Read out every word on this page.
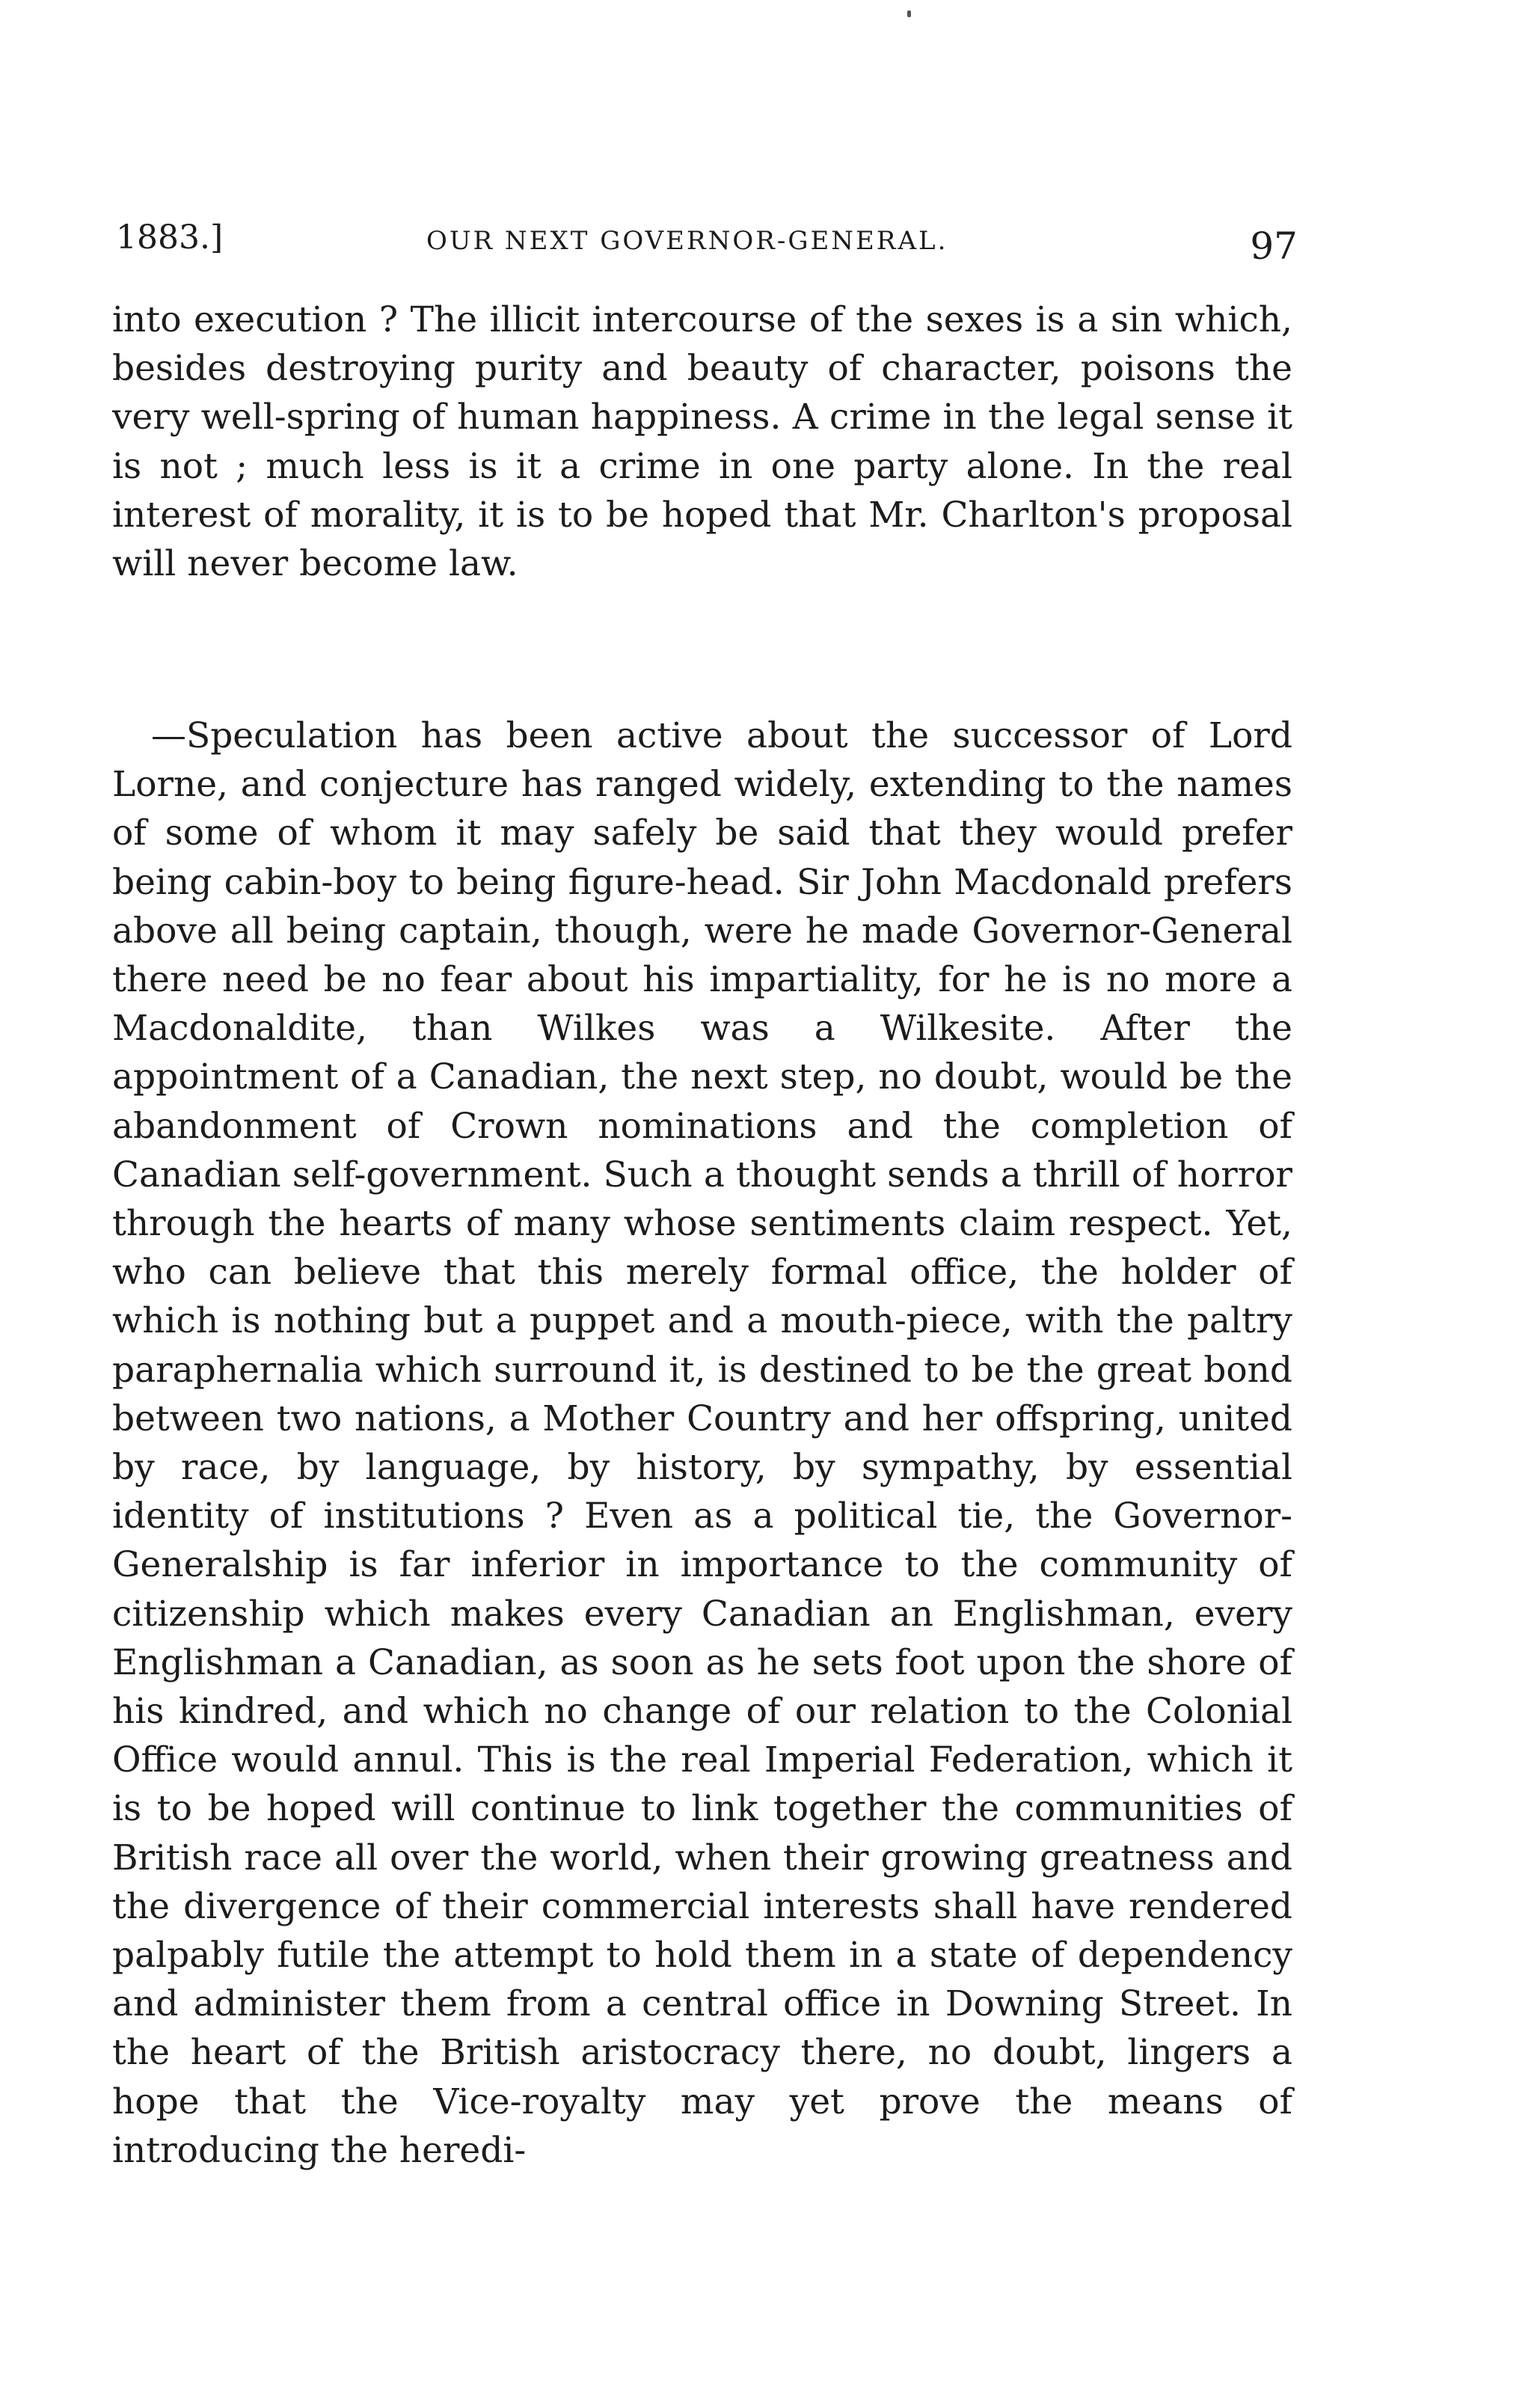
1883.]	OUR NEXT GOVERNOR-GENERAL.	97

into execution ? The illicit intercourse of the sexes is a sin which, besides destroying purity and beauty of character, poisons the very well-spring of human happiness. A crime in the legal sense it is not ; much less is it a crime in one party alone. In the real interest of morality, it is to be hoped that Mr. Charlton's proposal will never become law.

—Speculation has been active about the successor of Lord Lorne, and conjecture has ranged widely, extending to the names of some of whom it may safely be said that they would prefer being cabin-boy to being figure-head. Sir John Macdonald prefers above all being captain, though, were he made Governor-General there need be no fear about his impartiality, for he is no more a Macdonaldite, than Wilkes was a Wilkesite. After the appointment of a Canadian, the next step, no doubt, would be the abandonment of Crown nominations and the completion of Canadian self-government. Such a thought sends a thrill of horror through the hearts of many whose sentiments claim respect. Yet, who can believe that this merely formal office, the holder of which is nothing but a puppet and a mouth-piece, with the paltry paraphernalia which surround it, is destined to be the great bond between two nations, a Mother Country and her offspring, united by race, by language, by history, by sympathy, by essential identity of institutions ? Even as a political tie, the Governor-Generalship is far inferior in importance to the community of citizenship which makes every Canadian an Englishman, every Englishman a Canadian, as soon as he sets foot upon the shore of his kindred, and which no change of our relation to the Colonial Office would annul. This is the real Imperial Federation, which it is to be hoped will continue to link together the communities of British race all over the world, when their growing greatness and the divergence of their commercial interests shall have rendered palpably futile the attempt to hold them in a state of dependency and administer them from a central office in Downing Street. In the heart of the British aristocracy there, no doubt, lingers a hope that the Vice-royalty may yet prove the means of introducing the heredi-
